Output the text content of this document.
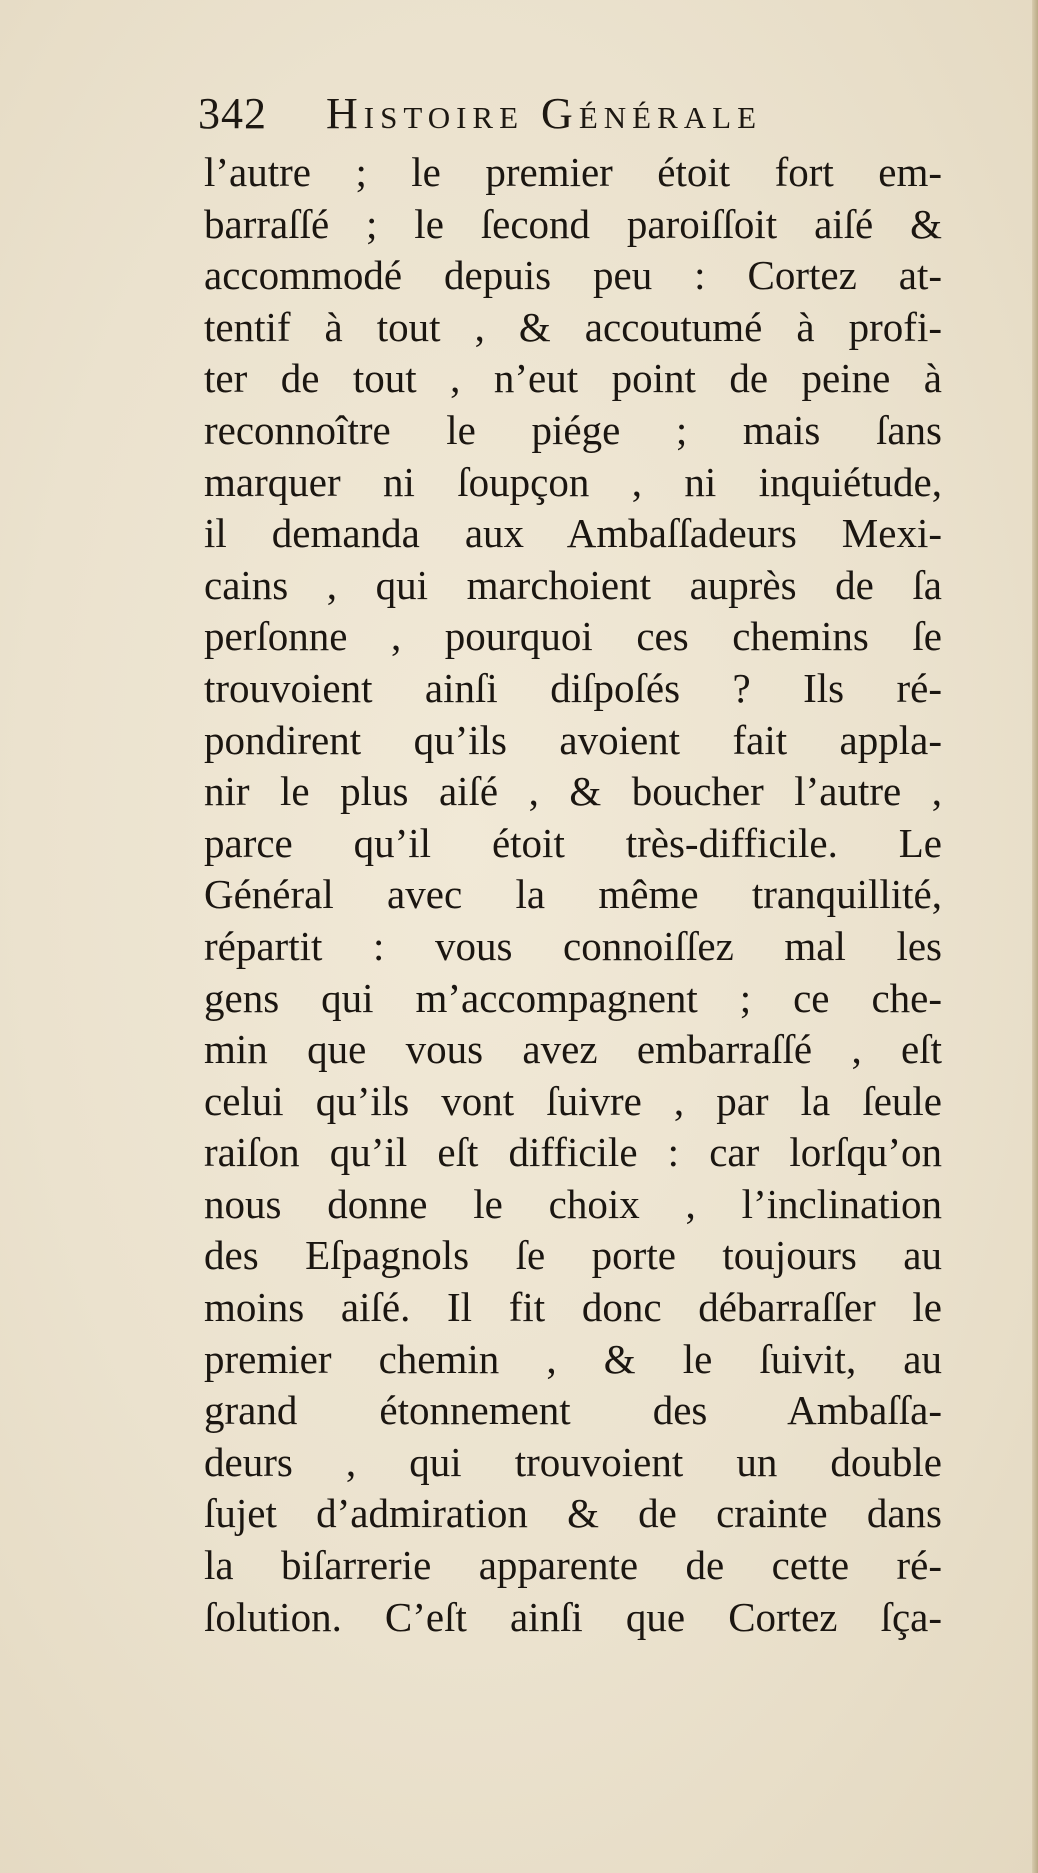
342 Histoire Générale
l’autre ; le premier étoit fort em-
barraſſé ; le ſecond paroiſſoit aiſé &
accommodé depuis peu : Cortez at-
tentif à tout , & accoutumé à profi-
ter de tout , n’eut point de peine à
reconnoître le piége ; mais ſans
marquer ni ſoupçon , ni inquiétude,
il demanda aux Ambaſſadeurs Mexi-
cains , qui marchoient auprès de ſa
perſonne , pourquoi ces chemins ſe
trouvoient ainſi diſpoſés ? Ils ré-
pondirent qu’ils avoient fait appla-
nir le plus aiſé , & boucher l’autre ,
parce qu’il étoit très-difficile. Le
Général avec la même tranquillité,
répartit : vous connoiſſez mal les
gens qui m’accompagnent ; ce che-
min que vous avez embarraſſé , eſt
celui qu’ils vont ſuivre , par la ſeule
raiſon qu’il eſt difficile : car lorſqu’on
nous donne le choix , l’inclination
des Eſpagnols ſe porte toujours au
moins aiſé. Il fit donc débarraſſer le
premier chemin , & le ſuivit, au
grand étonnement des Ambaſſa-
deurs , qui trouvoient un double
ſujet d’admiration & de crainte dans
la biſarrerie apparente de cette ré-
ſolution. C’eſt ainſi que Cortez ſça-
